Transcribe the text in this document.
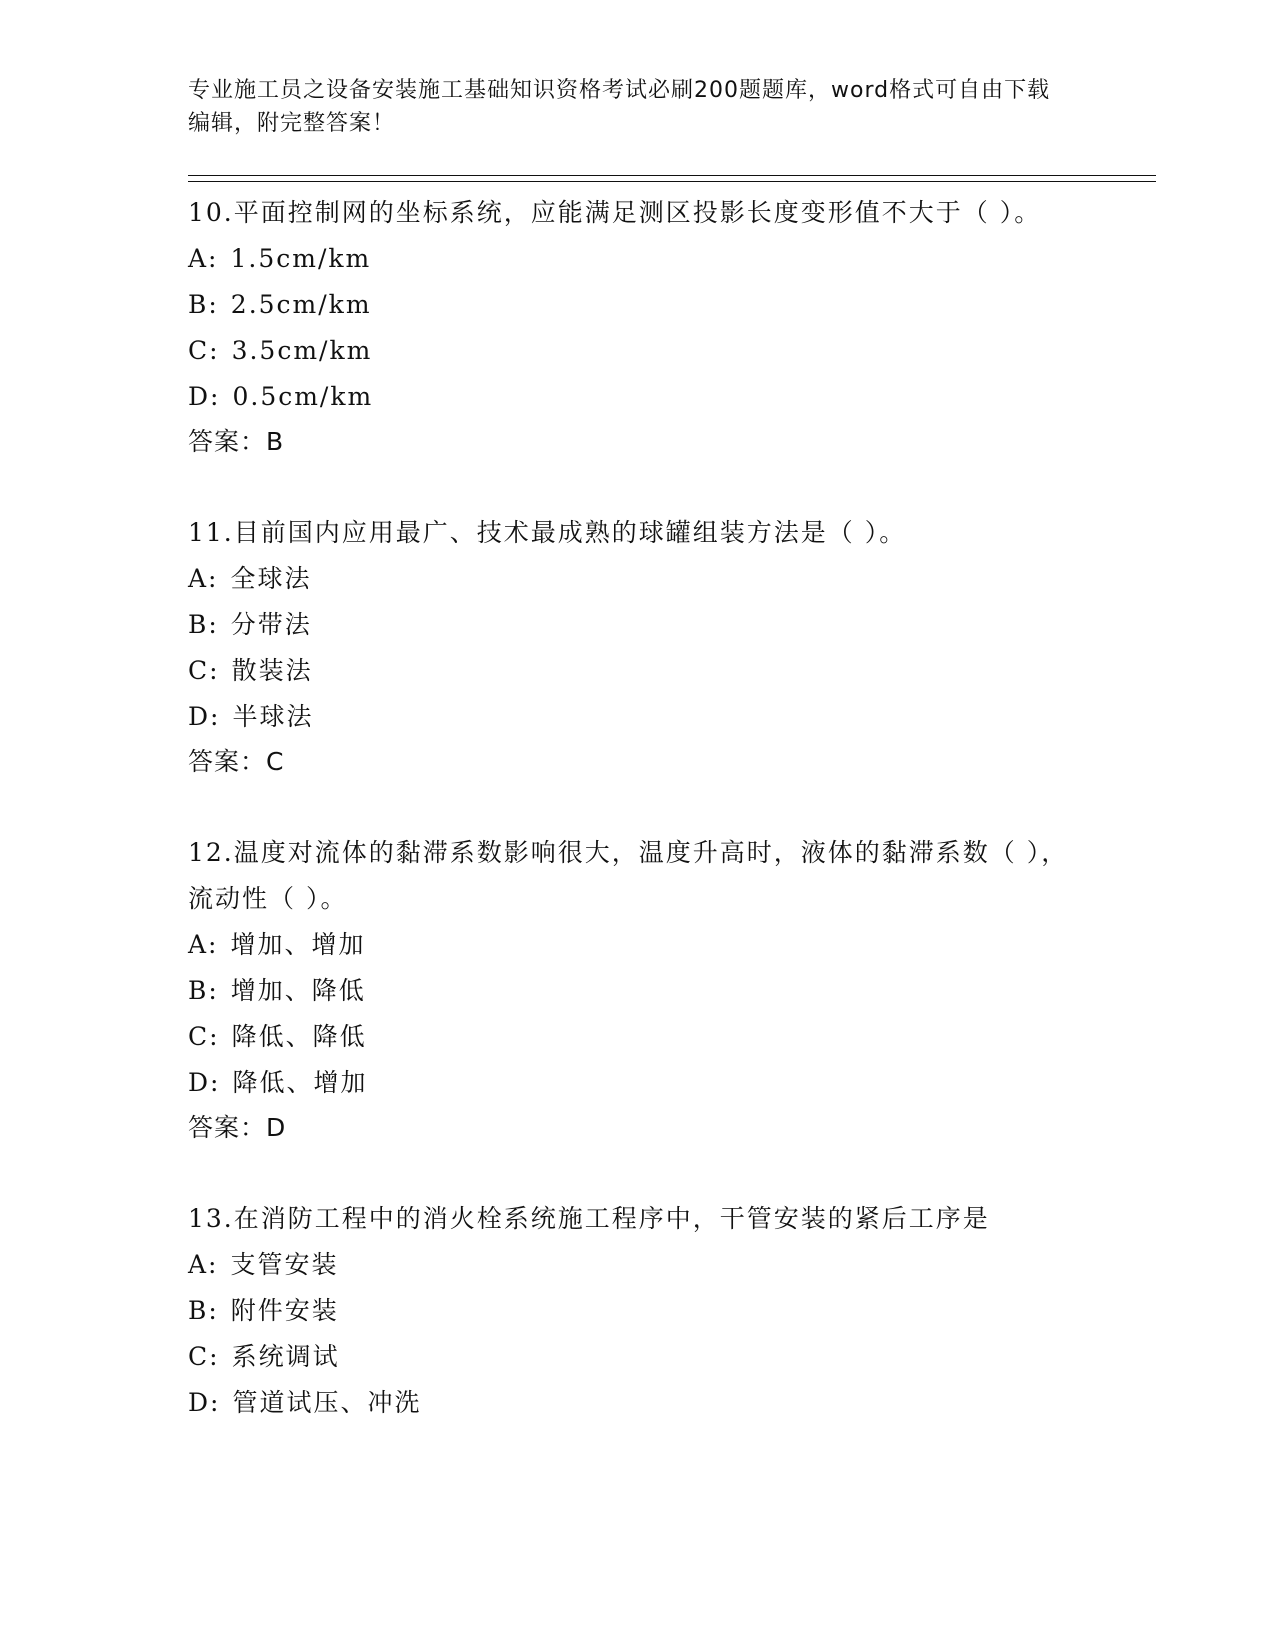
专业施工员之设备安装施工基础知识资格考试必刷200题题库，word格式可自由下载编辑，附完整答案！
10.平面控制网的坐标系统，应能满足测区投影长度变形值不大于（ ）。
A: 1.5cm/km
B: 2.5cm/km
C: 3.5cm/km
D: 0.5cm/km
答案：B
11.目前国内应用最广、技术最成熟的球罐组装方法是（ ）。
A: 全球法
B: 分带法
C: 散装法
D: 半球法
答案：C
12.温度对流体的黏滞系数影响很大，温度升高时，液体的黏滞系数（ ），流动性（ ）。
A: 增加、增加
B: 增加、降低
C: 降低、降低
D: 降低、增加
答案：D
13.在消防工程中的消火栓系统施工程序中，干管安装的紧后工序是
A: 支管安装
B: 附件安装
C: 系统调试
D: 管道试压、冲洗
